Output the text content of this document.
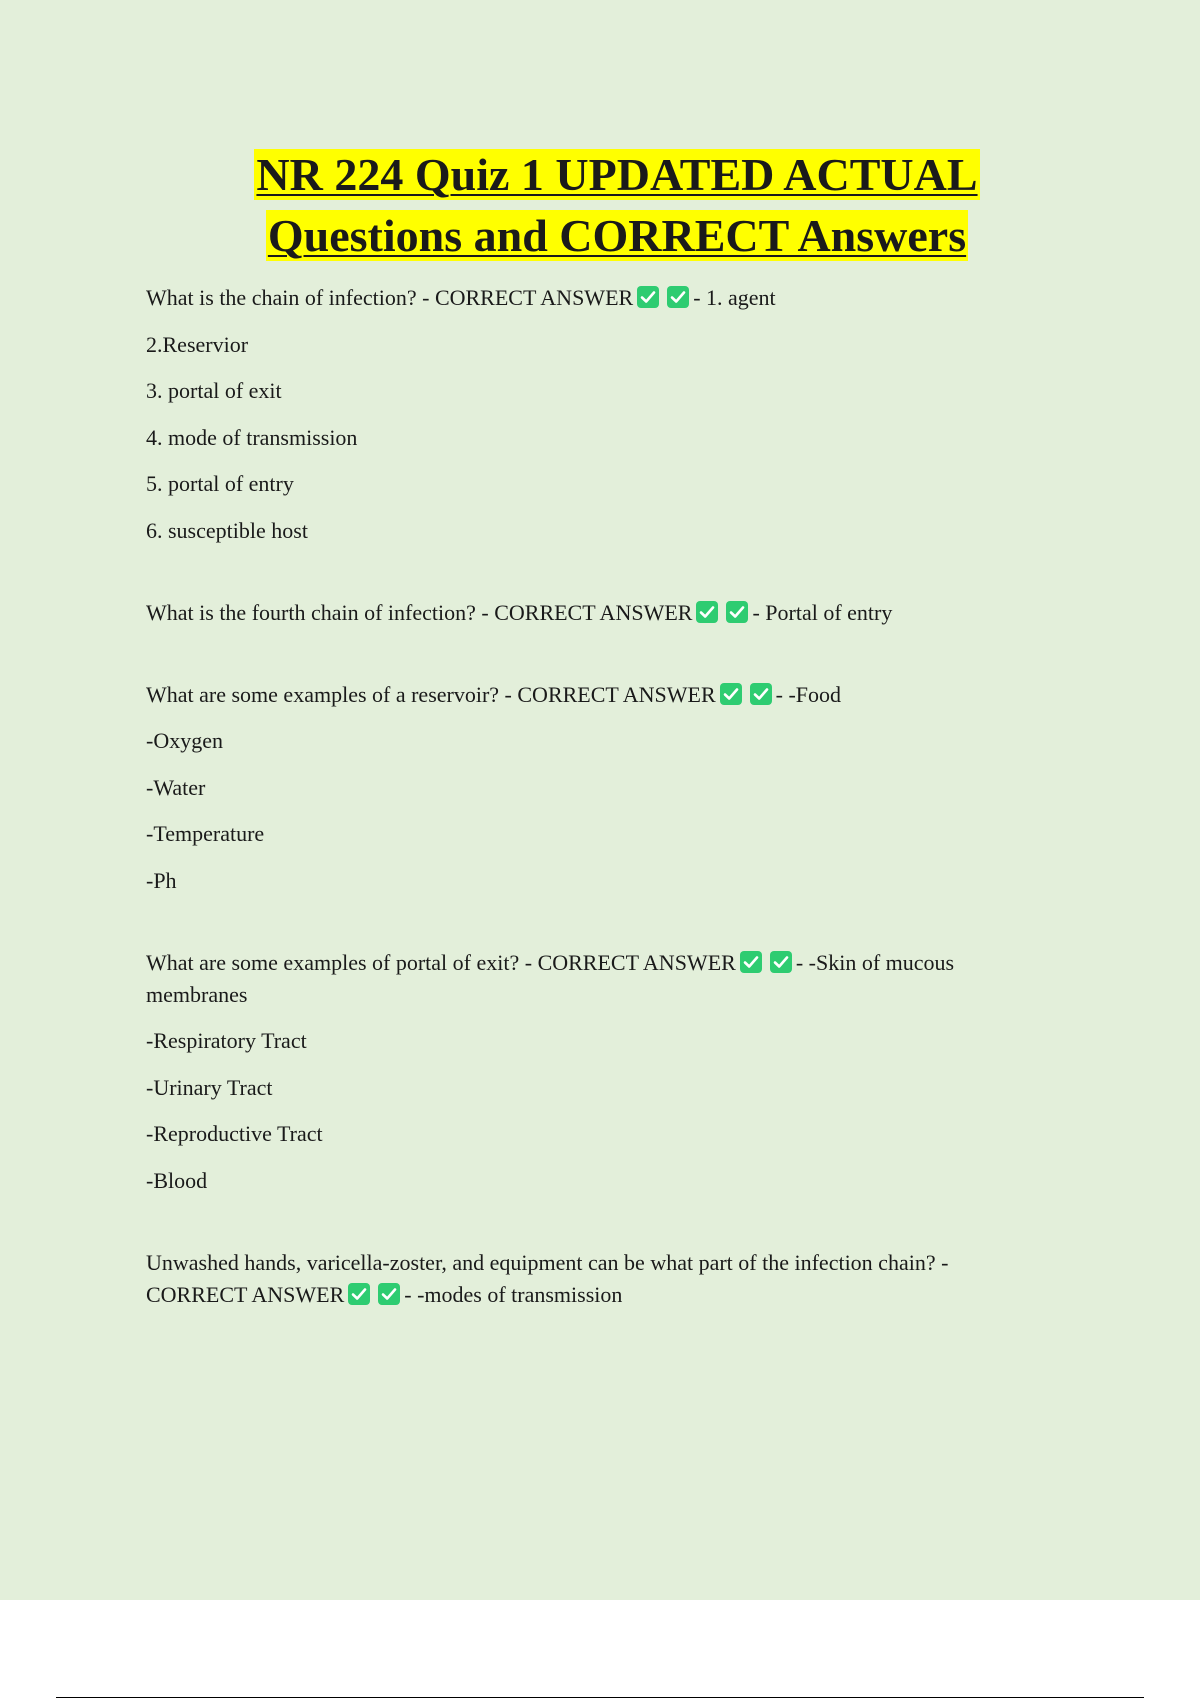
NR 224 Quiz 1 UPDATED ACTUAL
Questions and CORRECT Answers
What is the chain of infection? - CORRECT ANSWER	- 1. agent
2.Reservior
3. portal of exit
4. mode of transmission
5. portal of entry
6. susceptible host
What is the fourth chain of infection? - CORRECT ANSWER	- Portal of entry
What are some examples of a reservoir? - CORRECT ANSWER	- -Food
-Oxygen
-Water
-Temperature
-Ph
What are some examples of portal of exit? - CORRECT ANSWER	- -Skin of mucous membranes
-Respiratory Tract
-Urinary Tract
-Reproductive Tract
-Blood
Unwashed hands, varicella-zoster, and equipment can be what part of the infection chain? - CORRECT ANSWER	- -modes of transmission
